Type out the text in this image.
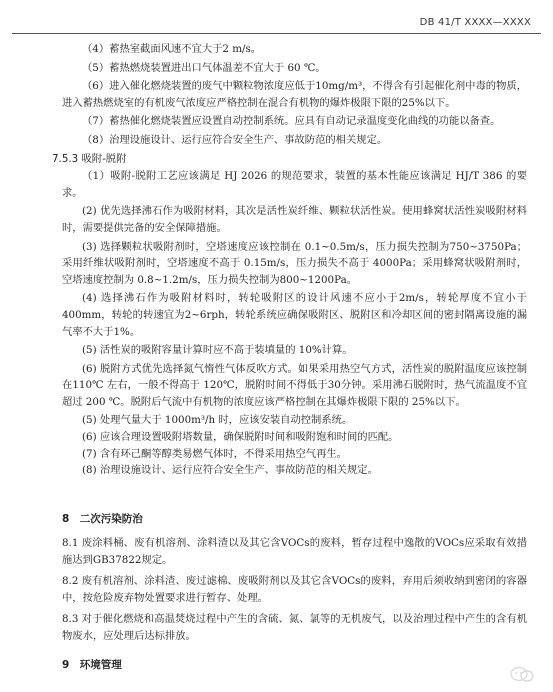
DB 41/T XXXX—XXXX

（4）蓄热室截面风速不宜大于2 m/s。

（5）蓄热燃烧装置进出口气体温差不宜大于 60 ℃。

（6）进入催化燃烧装置的废气中颗粒物浓度应低于10mg/m³，不得含有引起催化剂中毒的物质，进入蓄热燃烧室的有机废气浓度应严格控制在混合有机物的爆炸极限下限的25%以下。

（7）蓄热催化燃烧装置应设置自动控制系统。应具有自动记录温度变化曲线的功能以备查。

（8）治理设施设计、运行应符合安全生产、事故防范的相关规定。

7.5.3 吸附-脱附

（1）吸附-脱附工艺应该满足 HJ 2026 的规范要求，装置的基本性能应该满足 HJ/T 386 的要求。

(2) 优先选择沸石作为吸附材料，其次是活性炭纤维、颗粒状活性炭。使用蜂窝状活性炭吸附材料时，需要提供完备的安全保障措施。

(3) 选择颗粒状吸附剂时，空塔速度应该控制在 0.1~0.5m/s，压力损失控制为750~3750Pa；采用纤维状吸附剂时，空塔速度不高于 0.15m/s，压力损失不高于 4000Pa；采用蜂窝状吸附剂时，空塔速度控制为 0.8~1.2m/s，压力损失控制为800~1200Pa。

(4) 选择沸石作为吸附材料时，转轮吸附区的设计风速不应小于2m/s，转轮厚度不宜小于400mm，转轮的转速宜为2~6rph，转轮系统应确保吸附区、脱附区和冷却区间的密封隔离设施的漏气率不大于1%。

(5) 活性炭的吸附容量计算时应不高于装填量的 10%计算。

(6) 脱附方式优先选择氮气惰性气体反吹方式。如果采用热空气方式，活性炭的脱附温度应该控制在110℃ 左右，一般不得高于 120℃，脱附时间不得低于30分钟。采用沸石脱附时，热气流温度不宜超过 200 ℃。脱附后气流中有机物的浓度应该严格控制在其爆炸极限下限的 25%以下。

(5) 处理气量大于 1000m³/h 时，应该安装自动控制系统。

(6) 应该合理设置吸附塔数量，确保脱附时间和吸附饱和时间的匹配。

(7) 含有环己酮等醇类易燃气体时，不得采用热空气再生。

(8) 治理设施设计、运行应符合安全生产、事故防范的相关规定。

8　二次污染防治

8.1 废涂料桶、废有机溶剂、涂料渣以及其它含VOCs的废料，暂存过程中逸散的VOCs应采取有效措施达到GB37822规定。

8.2 废有机溶剂、涂料渣、废过滤棉、废吸附剂以及其它含VOCs的废料，弃用后须收纳到密闭的容器中，按危险废弃物处置要求进行暂存、处理。

8.3 对于催化燃烧和高温焚烧过程中产生的含硫、氮、氯等的无机废气，以及治理过程中产生的含有机物废水，应处理后达标排放。

9　环境管理
